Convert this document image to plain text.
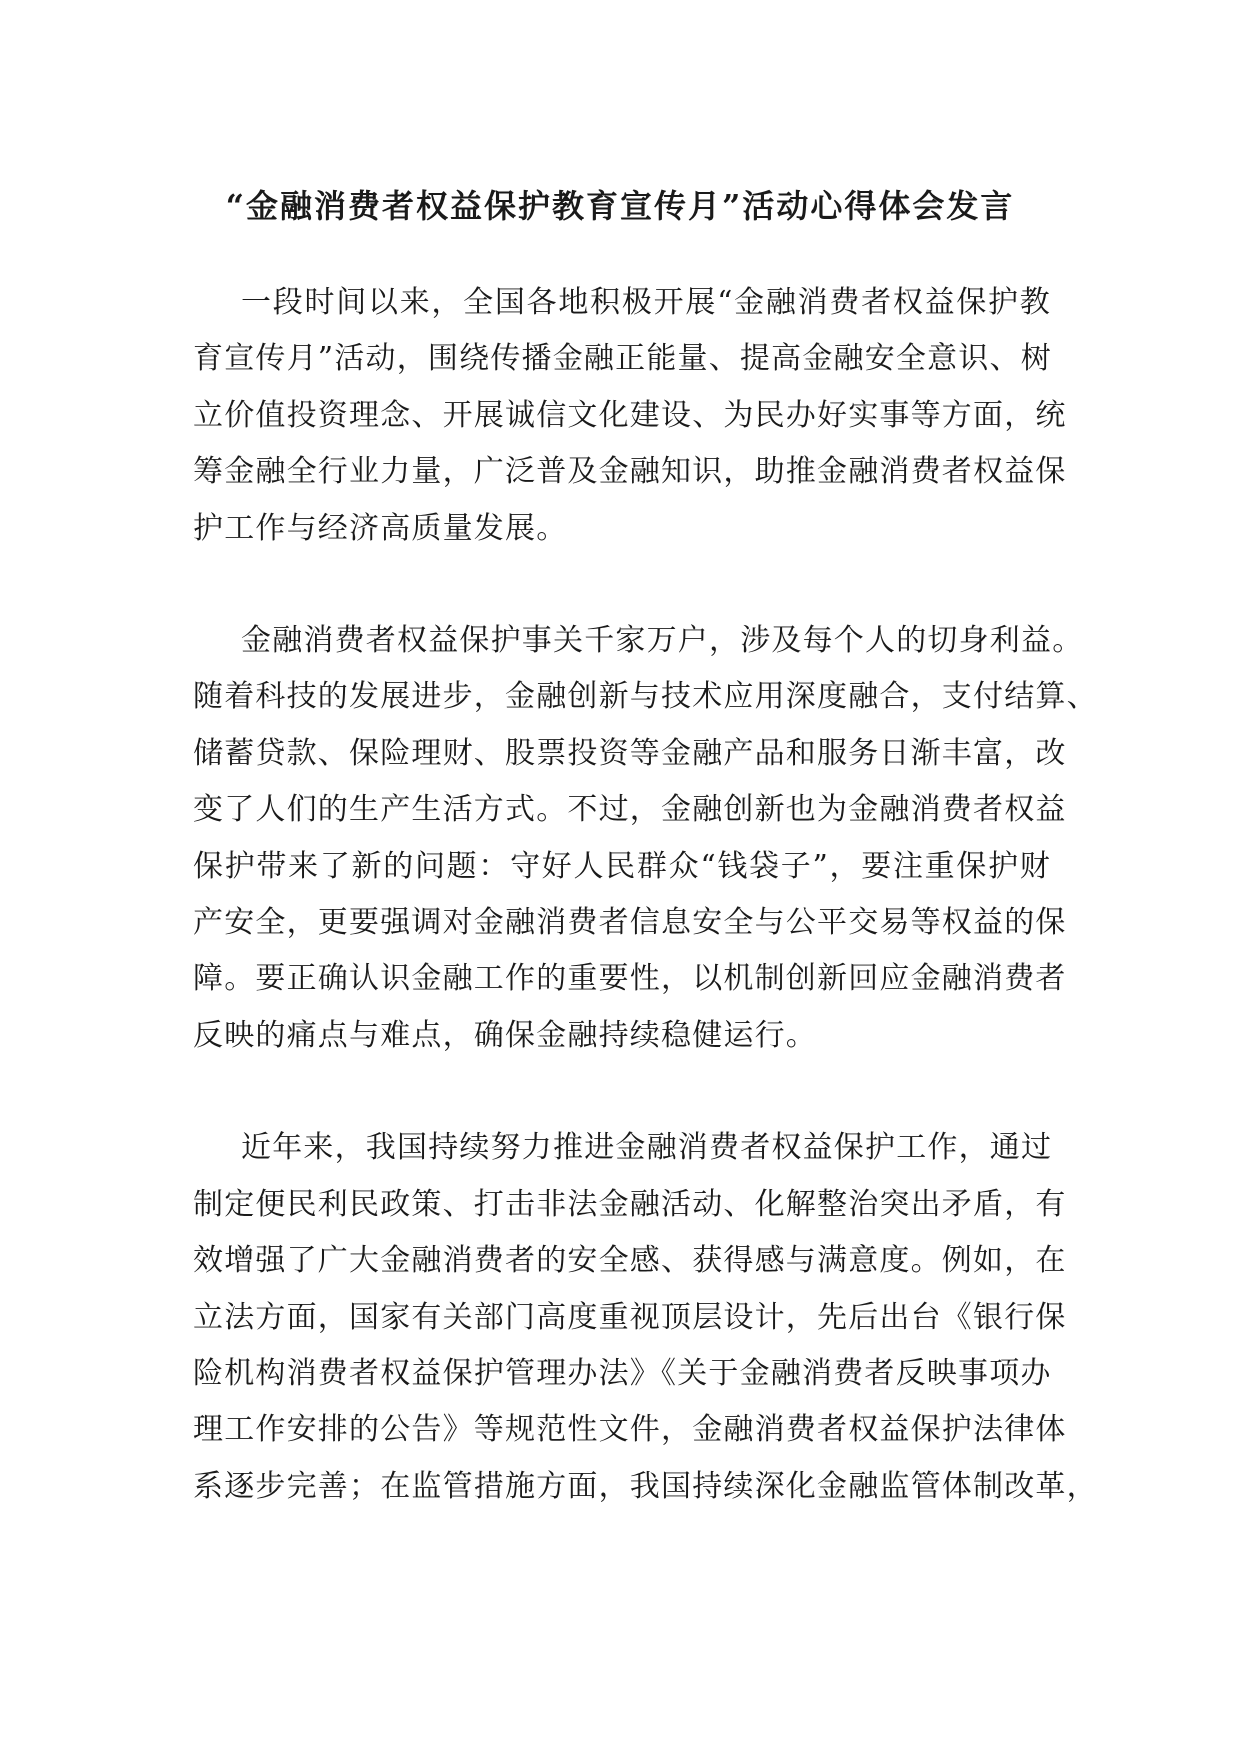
“金融消费者权益保护教育宣传月”活动心得体会发言

一段时间以来，全国各地积极开展“金融消费者权益保护教
育宣传月”活动，围绕传播金融正能量、提高金融安全意识、树
立价值投资理念、开展诚信文化建设、为民办好实事等方面，统
筹金融全行业力量，广泛普及金融知识，助推金融消费者权益保
护工作与经济高质量发展。

金融消费者权益保护事关千家万户，涉及每个人的切身利益。
随着科技的发展进步，金融创新与技术应用深度融合，支付结算、
储蓄贷款、保险理财、股票投资等金融产品和服务日渐丰富，改
变了人们的生产生活方式。不过，金融创新也为金融消费者权益
保护带来了新的问题：守好人民群众“钱袋子”，要注重保护财
产安全，更要强调对金融消费者信息安全与公平交易等权益的保
障。要正确认识金融工作的重要性，以机制创新回应金融消费者
反映的痛点与难点，确保金融持续稳健运行。

近年来，我国持续努力推进金融消费者权益保护工作，通过
制定便民利民政策、打击非法金融活动、化解整治突出矛盾，有
效增强了广大金融消费者的安全感、获得感与满意度。例如，在
立法方面，国家有关部门高度重视顶层设计，先后出台《银行保
险机构消费者权益保护管理办法》《关于金融消费者反映事项办
理工作安排的公告》等规范性文件，金融消费者权益保护法律体
系逐步完善；在监管措施方面，我国持续深化金融监管体制改革，
